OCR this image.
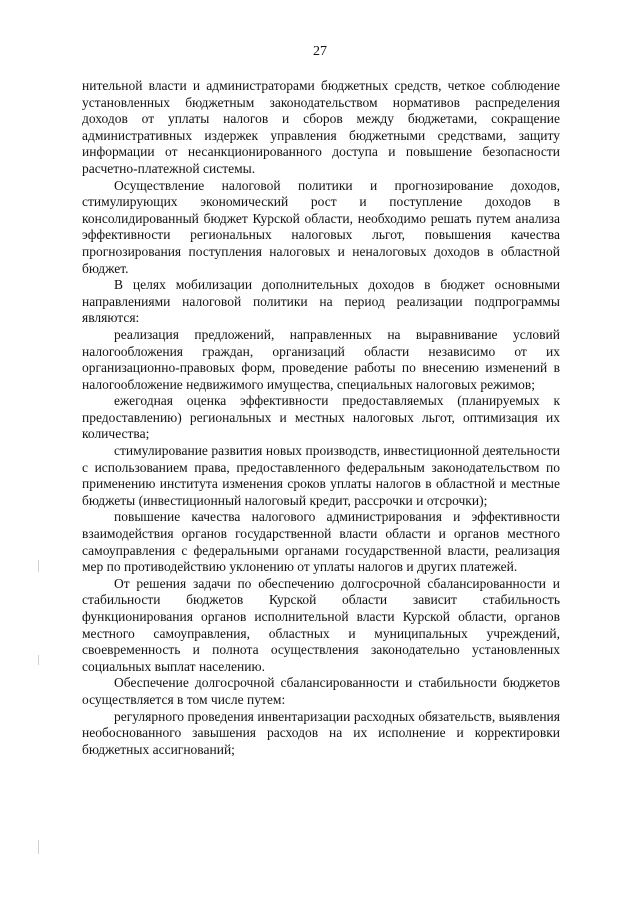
27

нительной власти и администраторами бюджетных средств, четкое соблюдение установленных бюджетным законодательством нормативов распределения доходов от уплаты налогов и сборов между бюджетами, сокращение административных издержек управления бюджетными средствами, защиту информации от несанкционированного доступа и повышение безопасности расчетно-платежной системы.

Осуществление налоговой политики и прогнозирование доходов, стимулирующих экономический рост и поступление доходов в консолидированный бюджет Курской области, необходимо решать путем анализа эффективности региональных налоговых льгот, повышения качества прогнозирования поступления налоговых и неналоговых доходов в областной бюджет.

В целях мобилизации дополнительных доходов в бюджет основными направлениями налоговой политики на период реализации подпрограммы являются:

реализация предложений, направленных на выравнивание условий налогообложения граждан, организаций области независимо от их организационно-правовых форм, проведение работы по внесению изменений в налогообложение недвижимого имущества, специальных налоговых режимов;

ежегодная оценка эффективности предоставляемых (планируемых к предоставлению) региональных и местных налоговых льгот, оптимизация их количества;

стимулирование развития новых производств, инвестиционной деятельности с использованием права, предоставленного федеральным законодательством по применению института изменения сроков уплаты налогов в областной и местные бюджеты (инвестиционный налоговый кредит, рассрочки и отсрочки);

повышение качества налогового администрирования и эффективности взаимодействия органов государственной власти области и органов местного самоуправления с федеральными органами государственной власти, реализация мер по противодействию уклонению от уплаты налогов и других платежей.

От решения задачи по обеспечению долгосрочной сбалансированности и стабильности бюджетов Курской области зависит стабильность функционирования органов исполнительной власти Курской области, органов местного самоуправления, областных и муниципальных учреждений, своевременность и полнота осуществления законодательно установленных социальных выплат населению.

Обеспечение долгосрочной сбалансированности и стабильности бюджетов осуществляется в том числе путем:

регулярного проведения инвентаризации расходных обязательств, выявления необоснованного завышения расходов на их исполнение и корректировки бюджетных ассигнований;
